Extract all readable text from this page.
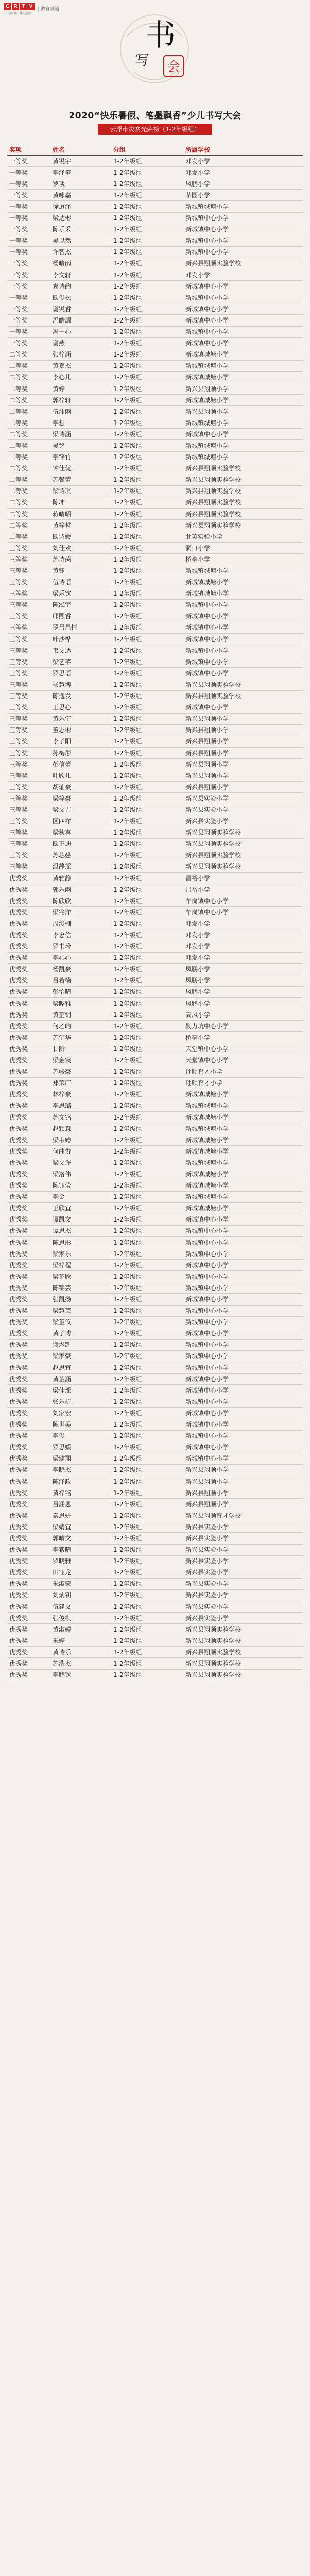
G R T V
广东陌谁广播电视台
教育频道
书
写 会
2020“快乐暑假、笔墨飘香”少儿书写大会
云浮市决赛光荣榜（1-2年级组）
奖项	姓名	分组	所属学校
一等奖	黄锐宇	1-2年级组	邓发小学
一等奖	李泽笙	1-2年级组	邓发小学
一等奖	罗琰	1-2年级组	凤鹏小学
一等奖	黄咏嘉	1-2年级组	茅园小学
一等奖	徐道泽	1-2年级组	新城镇城塘小学
一等奖	梁达彬	1-2年级组	新城镇中心小学
一等奖	陈乐采	1-2年级组	新城镇中心小学
一等奖	吴以然	1-2年级组	新城镇中心小学
一等奖	许智杰	1-2年级组	新城镇中心小学
一等奖	杨晴雨	1-2年级组	新兴县翔顺实验学校
一等奖	李文轩	1-2年级组	邓发小学
一等奖	袁诗韵	1-2年级组	新城镇中心小学
一等奖	欧俊松	1-2年级组	新城镇中心小学
一等奖	谢锐睿	1-2年级组	新城镇中心小学
一等奖	冯皓源	1-2年级组	新城镇中心小学
一等奖	冯一心	1-2年级组	新城镇中心小学
一等奖	谢燕	1-2年级组	新城镇中心小学
二等奖	张梓涵	1-2年级组	新城镇城塘小学
二等奖	黄嘉杰	1-2年级组	新城镇城塘小学
二等奖	李心儿	1-2年级组	新城镇城塘小学
二等奖	黄婷	1-2年级组	新兴县翔顺小学
二等奖	郭梓轩	1-2年级组	新城镇城塘小学
二等奖	伍沛雨	1-2年级组	新兴县翔顺小学
二等奖	李想	1-2年级组	新城镇城塘小学
二等奖	梁诗涵	1-2年级组	新城镇中心小学
二等奖	吴铭	1-2年级组	新城镇城塘小学
二等奖	李锌竹	1-2年级组	新城镇城塘小学
二等奖	钟佳优	1-2年级组	新兴县翔顺实验学校
二等奖	苏馨蕾	1-2年级组	新兴县翔顺实验学校
二等奖	梁诗琪	1-2年级组	新兴县翔顺实验学校
二等奖	陈坤	1-2年级组	新兴县翔顺实验学校
二等奖	蒋晴昭	1-2年级组	新兴县翔顺实验学校
二等奖	黄梓哲	1-2年级组	新兴县翔顺实验学校
二等奖	欧诗媛	1-2年级组	北英实验小学
三等奖	刘佳欢	1-2年级组	洞口小学
三等奖	苏诗茵	1-2年级组	桥亭小学
三等奖	黄钰	1-2年级组	新城镇城塘小学
三等奖	伍诗语	1-2年级组	新城镇城塘小学
三等奖	梁乐钦	1-2年级组	新城镇城塘小学
三等奖	陈泓宇	1-2年级组	新城镇中心小学
三等奖	邝熙睿	1-2年级组	新城镇中心小学
三等奖	罗吕昌恒	1-2年级组	新城镇中心小学
三等奖	叶沙桦	1-2年级组	新城镇中心小学
三等奖	韦文达	1-2年级组	新城镇中心小学
三等奖	梁艺芊	1-2年级组	新城镇中心小学
三等奖	罗思语	1-2年级组	新城镇中心小学
三等奖	杨慧博	1-2年级组	新兴县翔顺实验学校
三等奖	陈逸发	1-2年级组	新兴县翔顺实验学校
三等奖	王思心	1-2年级组	新城镇中心小学
三等奖	黄乐宁	1-2年级组	新兴县翔顺小学
三等奖	董志彬	1-2年级组	新兴县翔顺小学
三等奖	李子阳	1-2年级组	新兴县翔顺小学
三等奖	孙梅彤	1-2年级组	新兴县翔顺小学
三等奖	彭信蕾	1-2年级组	新兴县翔顺小学
三等奖	叶欣儿	1-2年级组	新兴县翔顺小学
三等奖	胡灿豪	1-2年级组	新兴县翔顺小学
三等奖	梁梓豪	1-2年级组	新兴县实验小学
三等奖	梁文吉	1-2年级组	新兴县实验小学
三等奖	区四祥	1-2年级组	新兴县实验小学
三等奖	梁秋喜	1-2年级组	新兴县翔顺实验学校
三等奖	欧正迪	1-2年级组	新兴县翔顺实验学校
三等奖	苏芯慈	1-2年级组	新兴县翔顺实验学校
三等奖	温静瑶	1-2年级组	新兴县翔顺实验学校
优秀奖	黄雅静	1-2年级组	昌裕小学
优秀奖	郭乐雨	1-2年级组	昌裕小学
优秀奖	陈欣欣	1-2年级组	车岗镇中心小学
优秀奖	梁铭洋	1-2年级组	车岗镇中心小学
优秀奖	周浚棚	1-2年级组	邓发小学
优秀奖	李忠信	1-2年级组	邓发小学
优秀奖	罗书玲	1-2年级组	邓发小学
优秀奖	李心心	1-2年级组	邓发小学
优秀奖	杨凯豪	1-2年级组	凤鹏小学
优秀奖	吕若楠	1-2年级组	凤鹏小学
优秀奖	彭怡晴	1-2年级组	凤鹏小学
优秀奖	梁晔雅	1-2年级组	凤鹏小学
优秀奖	黄芷钥	1-2年级组	高风小学
优秀奖	何乙屿	1-2年级组	勤力坑中心小学
优秀奖	苏宁华	1-2年级组	桥亭小学
优秀奖	甘阶	1-2年级组	天堂镇中心小学
优秀奖	梁金宸	1-2年级组	天堂镇中心小学
优秀奖	苏峻豪	1-2年级组	翔顺育才小学
优秀奖	郑荣广	1-2年级组	翔顺育才小学
优秀奖	林梓豪	1-2年级组	新城镇城塘小学
优秀奖	李思璐	1-2年级组	新城镇城塘小学
优秀奖	苏文铭	1-2年级组	新城镇城塘小学
优秀奖	赵颖森	1-2年级组	新城镇城塘小学
优秀奖	梁韦婷	1-2年级组	新城镇城塘小学
优秀奖	何曲悦	1-2年级组	新城镇城塘小学
优秀奖	梁文许	1-2年级组	新城镇城塘小学
优秀奖	梁洛伟	1-2年级组	新城镇城塘小学
优秀奖	陈钰莹	1-2年级组	新城镇城塘小学
优秀奖	李金	1-2年级组	新城镇城塘小学
优秀奖	王欣宜	1-2年级组	新城镇城塘小学
优秀奖	谭凯文	1-2年级组	新城镇中心小学
优秀奖	谭思杰	1-2年级组	新城镇中心小学
优秀奖	陈思彤	1-2年级组	新城镇中心小学
优秀奖	梁家乐	1-2年级组	新城镇中心小学
优秀奖	梁梓程	1-2年级组	新城镇中心小学
优秀奖	梁芷欣	1-2年级组	新城镇中心小学
优秀奖	陈锦芸	1-2年级组	新城镇中心小学
优秀奖	张凯扬	1-2年级组	新城镇中心小学
优秀奖	梁慧芸	1-2年级组	新城镇中心小学
优秀奖	梁芷仪	1-2年级组	新城镇中心小学
优秀奖	黄子博	1-2年级组	新城镇中心小学
优秀奖	谢煜凯	1-2年级组	新城镇中心小学
优秀奖	梁家豪	1-2年级组	新城镇中心小学
优秀奖	赵思宜	1-2年级组	新城镇中心小学
优秀奖	黄芷涵	1-2年级组	新城镇中心小学
优秀奖	梁佳瑶	1-2年级组	新城镇中心小学
优秀奖	张乐杭	1-2年级组	新城镇中心小学
优秀奖	刘家宏	1-2年级组	新城镇中心小学
优秀奖	陈世美	1-2年级组	新城镇中心小学
优秀奖	李俊	1-2年级组	新城镇中心小学
优秀奖	罗思媛	1-2年级组	新城镇中心小学
优秀奖	梁健翔	1-2年级组	新城镇中心小学
优秀奖	李晓杰	1-2年级组	新兴县翔顺小学
优秀奖	陈泽政	1-2年级组	新兴县翔顺小学
优秀奖	黄梓铭	1-2年级组	新兴县翔顺小学
优秀奖	吕涵恩	1-2年级组	新兴县翔顺小学
优秀奖	秦思妍	1-2年级组	新兴县翔顺育才学校
优秀奖	梁婧宜	1-2年级组	新兴县实验小学
优秀奖	郭晴文	1-2年级组	新兴县实验小学
优秀奖	李紫晴	1-2年级组	新兴县实验小学
优秀奖	罗晓雅	1-2年级组	新兴县实验小学
优秀奖	田钰龙	1-2年级组	新兴县实验小学
优秀奖	朱淑蒙	1-2年级组	新兴县实验小学
优秀奖	刘炳钊	1-2年级组	新兴县实验小学
优秀奖	伍建文	1-2年级组	新兴县实验小学
优秀奖	张俊棋	1-2年级组	新兴县实验小学
优秀奖	黄淑婷	1-2年级组	新兴县翔顺实验学校
优秀奖	朱婷	1-2年级组	新兴县翔顺实验学校
优秀奖	黄诗乐	1-2年级组	新兴县翔顺实验学校
优秀奖	苏浩杰	1-2年级组	新兴县翔顺实验学校
优秀奖	李鹏钦	1-2年级组	新兴县翔顺实验学校
